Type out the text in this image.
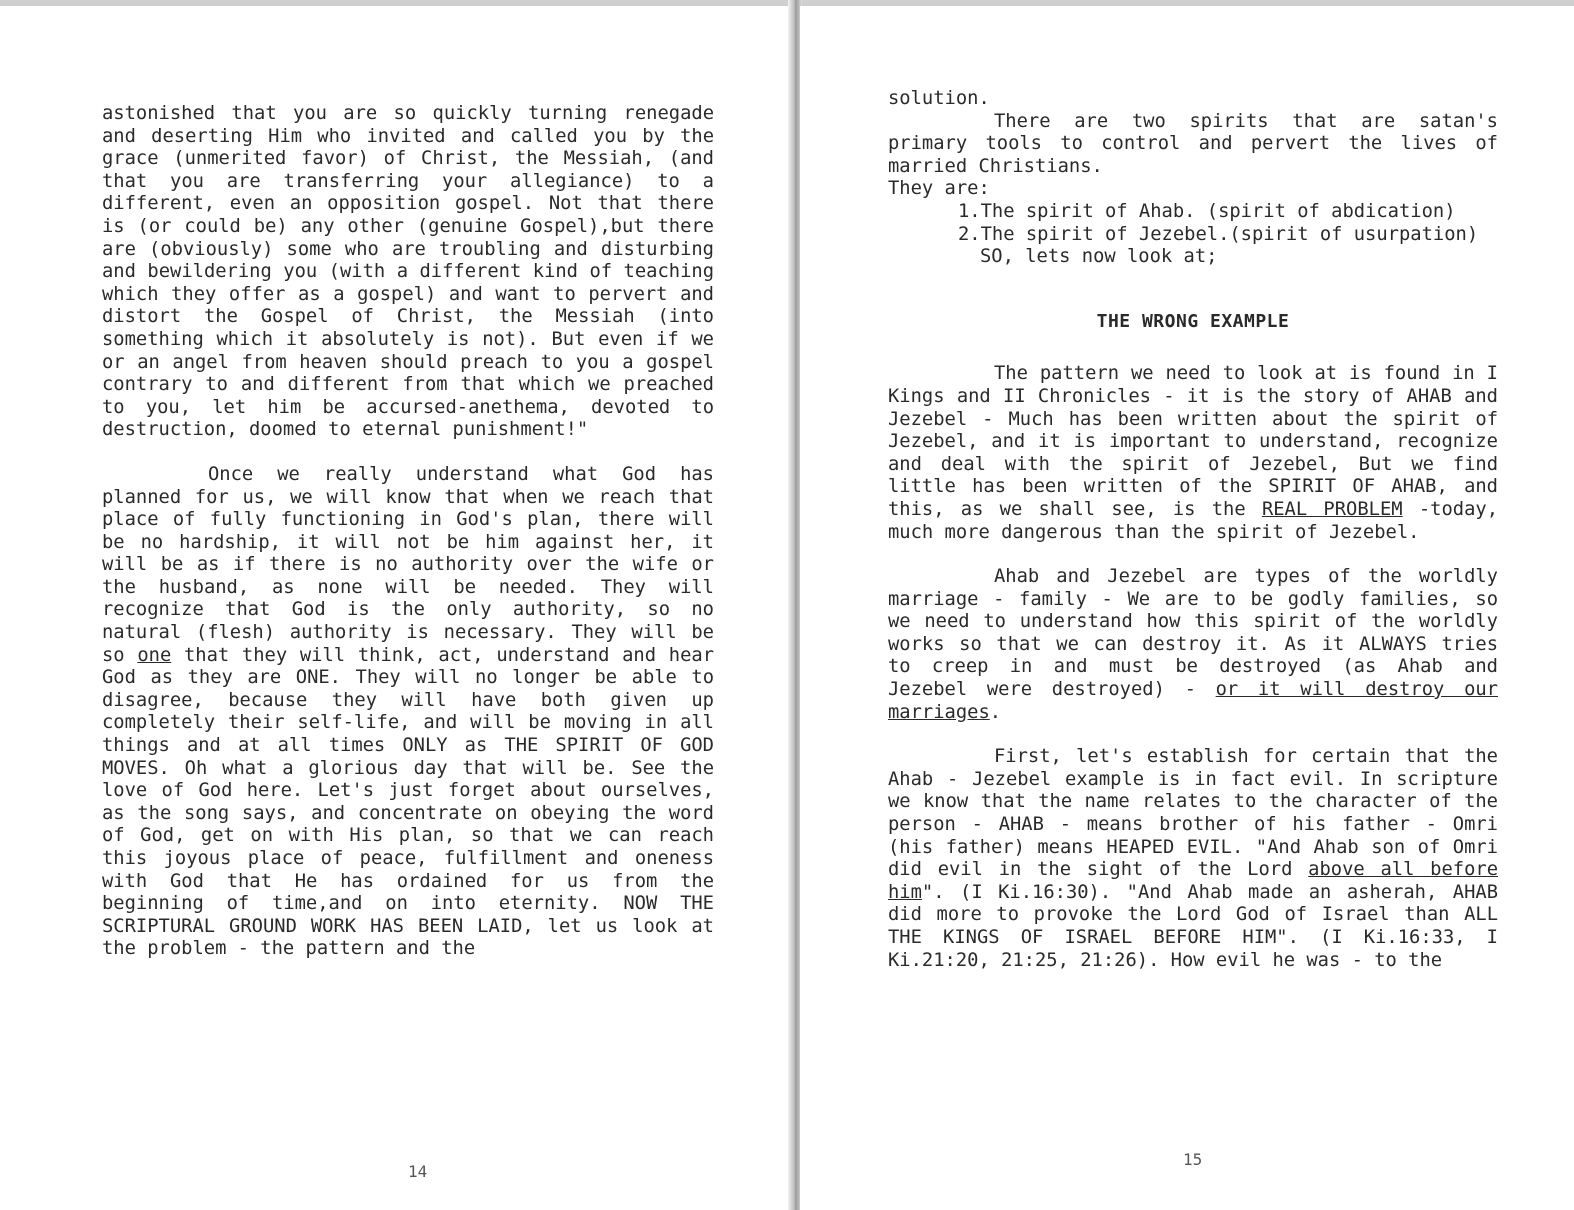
astonished that you are so quickly turning renegade and deserting Him who invited and called you by the grace (unmerited favor) of Christ, the Messiah, (and that you are transferring your allegiance) to a different, even an opposition gospel. Not that there is (or could be) any other (genuine Gospel),but there are (obviously) some who are troubling and disturbing and bewildering you (with a different kind of teaching which they offer as a gospel) and want to pervert and distort the Gospel of Christ, the Messiah (into something which it absolutely is not). But even if we or an angel from heaven should preach to you a gospel contrary to and different from that which we preached to you, let him be accursed-anethema, devoted to destruction, doomed to eternal punishment!"

Once we really understand what God has planned for us, we will know that when we reach that place of fully functioning in God's plan, there will be no hardship, it will not be him against her, it will be as if there is no authority over the wife or the husband, as none will be needed. They will recognize that God is the only authority, so no natural (flesh) authority is necessary. They will be so one that they will think, act, understand and hear God as they are ONE. They will no longer be able to disagree, because they will have both given up completely their self-life, and will be moving in all things and at all times ONLY as THE SPIRIT OF GOD MOVES. Oh what a glorious day that will be. See the love of God here. Let's just forget about ourselves, as the song says, and concentrate on obeying the word of God, get on with His plan, so that we can reach this joyous place of peace, fulfillment and oneness with God that He has ordained for us from the beginning of time,and on into eternity. NOW THE SCRIPTURAL GROUND WORK HAS BEEN LAID, let us look at the problem - the pattern and the

14

solution.

There are two spirits that are satan's primary tools to control and pervert the lives of married Christians.

They are:

1.The spirit of Ahab. (spirit of abdication)

2.The spirit of Jezebel.(spirit of usurpation) SO, lets now look at;

THE WRONG EXAMPLE

The pattern we need to look at is found in I Kings and II Chronicles - it is the story of AHAB and Jezebel - Much has been written about the spirit of Jezebel, and it is important to understand, recognize and deal with the spirit of Jezebel, But we find little has been written of the SPIRIT OF AHAB, and this, as we shall see, is the REAL PROBLEM -today, much more dangerous than the spirit of Jezebel.

Ahab and Jezebel are types of the worldly marriage - family - We are to be godly families, so we need to understand how this spirit of the worldly works so that we can destroy it. As it ALWAYS tries to creep in and must be destroyed (as Ahab and Jezebel were destroyed) - or it will destroy our marriages.

First, let's establish for certain that the Ahab - Jezebel example is in fact evil. In scripture we know that the name relates to the character of the person - AHAB - means brother of his father - Omri (his father) means HEAPED EVIL. "And Ahab son of Omri did evil in the sight of the Lord above all before him". (I Ki.16:30). "And Ahab made an asherah, AHAB did more to provoke the Lord God of Israel than ALL THE KINGS OF ISRAEL BEFORE HIM". (I Ki.16:33, I Ki.21:20, 21:25, 21:26). How evil he was - to the

15
